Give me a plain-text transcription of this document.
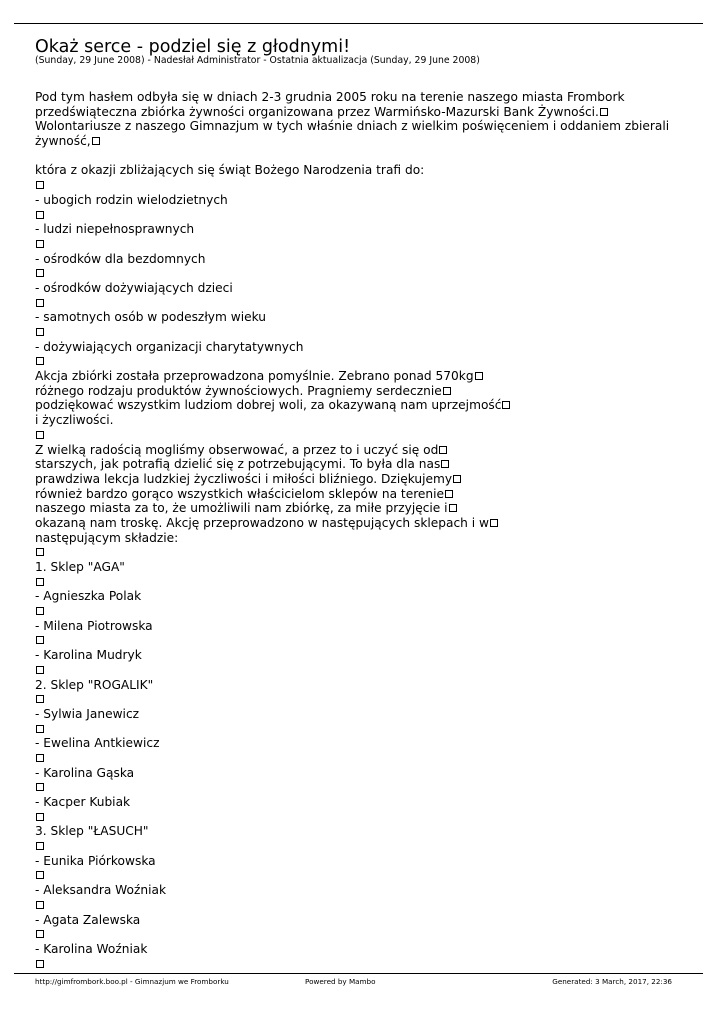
Okaż serce - podziel się z głodnymi!
(Sunday, 29 June 2008) - Nadesłał Administrator - Ostatnia aktualizacja (Sunday, 29 June 2008)
Pod tym hasłem odbyła się w dniach 2-3 grudnia 2005 roku na terenie naszego miasta Frombork
przedświąteczna zbiórka żywności organizowana przez Warmińsko-Mazurski Bank Żywności.
Wolontariusze z naszego Gimnazjum w tych właśnie dniach z wielkim poświęceniem i oddaniem zbierali
żywność,
która z okazji zbliżających się świąt Bożego Narodzenia trafi do:
- ubogich rodzin wielodzietnych
- ludzi niepełnosprawnych
- ośrodków dla bezdomnych
- ośrodków dożywiających dzieci
- samotnych osób w podeszłym wieku
- dożywiających organizacji charytatywnych
Akcja zbiórki została przeprowadzona pomyślnie. Zebrano ponad 570kg
różnego rodzaju produktów żywnościowych. Pragniemy serdecznie
podziękować wszystkim ludziom dobrej woli, za okazywaną nam uprzejmość
i życzliwości.
Z wielką radością mogliśmy obserwować, a przez to i uczyć się od
starszych, jak potrafią dzielić się z potrzebującymi. To była dla nas
prawdziwa lekcja ludzkiej życzliwości i miłości bliźniego. Dziękujemy
również bardzo gorąco wszystkich właścicielom sklepów na terenie
naszego miasta za to, że umożliwili nam zbiórkę, za miłe przyjęcie i
okazaną nam troskę. Akcję przeprowadzono w następujących sklepach i w
następującym składzie:
1. Sklep "AGA"
- Agnieszka Polak
- Milena Piotrowska
- Karolina Mudryk
2. Sklep "ROGALIK"
- Sylwia Janewicz
- Ewelina Antkiewicz
- Karolina Gąska
- Kacper Kubiak
3. Sklep "ŁASUCH"
- Eunika Piórkowska
- Aleksandra Woźniak
- Agata Zalewska
- Karolina Woźniak
http://gimfrombork.boo.pl - Gimnazjum we Fromborku	Powered by Mambo	Generated: 3 March, 2017, 22:36
